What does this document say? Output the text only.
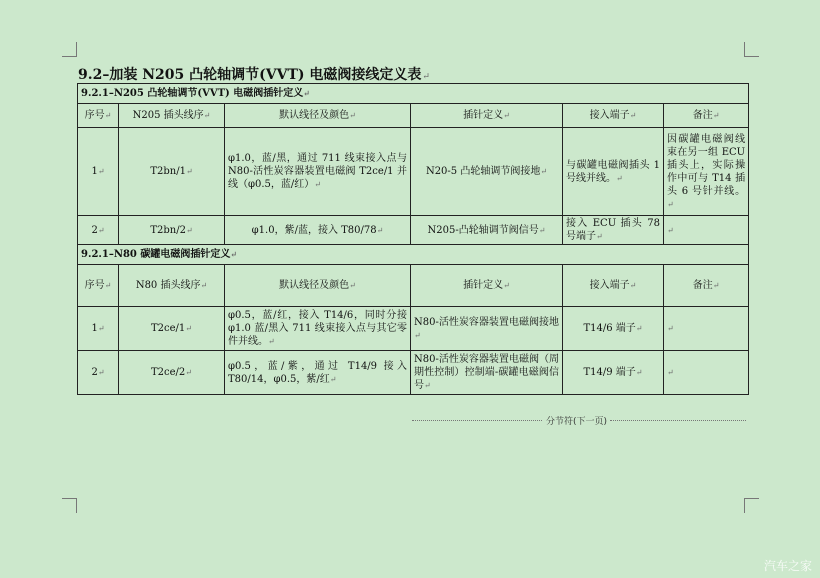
9.2–加装 N205 凸轮轴调节(VVT) 电磁阀接线定义表↵
9.2.1–N205 凸轮轴调节(VVT) 电磁阀插针定义↵					
序号↵	N205 插头线序↵	默认线径及颜色↵	插针定义↵	接入端子↵	备注↵
1↵	T2bn/1↵	φ1.0，蓝/黑，通过 711 线束接入点与 N80-活性炭容器装置电磁阀 T2ce/1 并线（φ0.5，蓝/红）↵	N20-5 凸轮轴调节阀接地↵	与碳罐电磁阀插头 1 号线并线。↵	因碳罐电磁阀线束在另一组 ECU 插头上，实际操作中可与 T14 插头 6 号针并线。↵
2↵	T2bn/2↵	φ1.0，紫/蓝，接入 T80/78↵	N205-凸轮轴调节阀信号↵	接入 ECU 插头 78 号端子↵	↵
9.2.1–N80 碳罐电磁阀插针定义↵					
序号↵	N80 插头线序↵	默认线径及颜色↵	插针定义↵	接入端子↵	备注↵
1↵	T2ce/1↵	φ0.5，蓝/红，接入 T14/6，同时分接φ1.0 蓝/黑入 711 线束接入点与其它零件并线。↵	N80-活性炭容器装置电磁阀接地↵	T14/6 端子↵	↵
2↵	T2ce/2↵	φ0.5，蓝/紫，通过 T14/9 接入 T80/14，φ0.5，紫/红↵	N80-活性炭容器装置电磁阀（周期性控制）控制端-碳罐电磁阀信号↵	T14/9 端子↵	↵
分节符(下一页)
汽车之家
